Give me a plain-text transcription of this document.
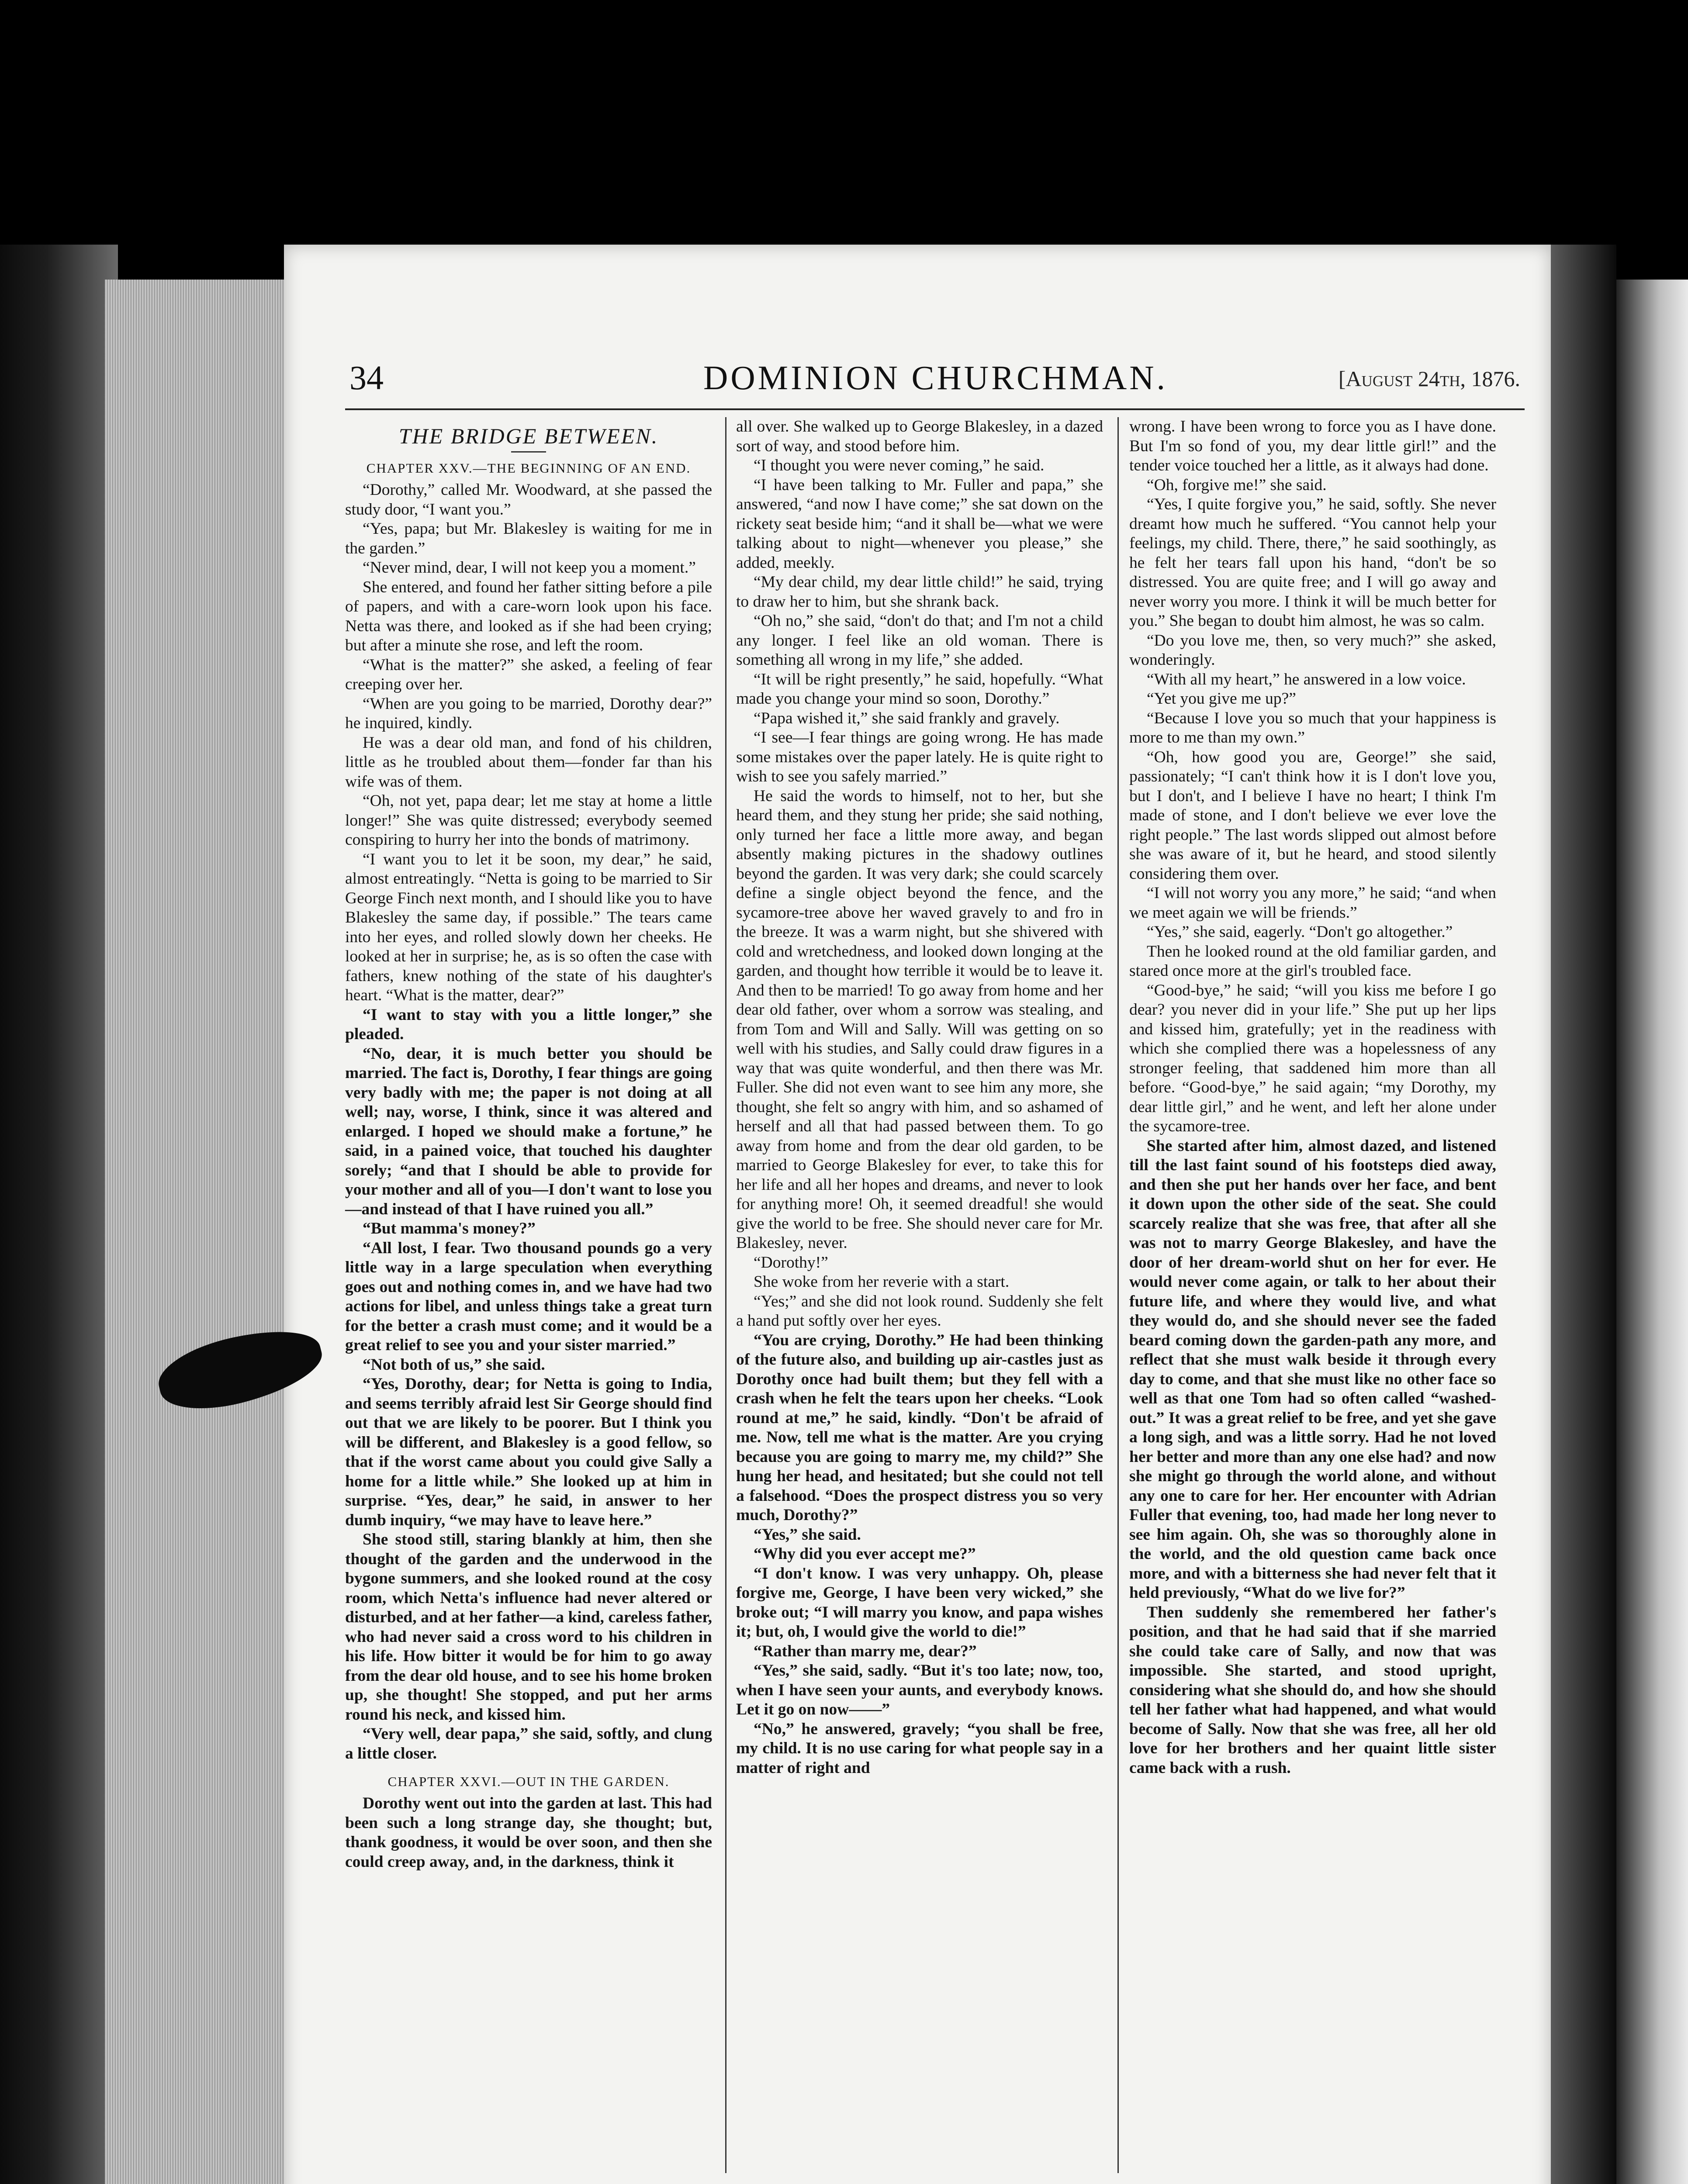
34	DOMINION CHURCHMAN.	[August 24th, 1876.
THE BRIDGE BETWEEN.
CHAPTER XXV.—THE BEGINNING OF AN END.

“Dorothy,” called Mr. Woodward, at she passed the study door, “I want you.”

“Yes, papa; but Mr. Blakesley is waiting for me in the garden.”

“Never mind, dear, I will not keep you a moment.”

She entered, and found her father sitting before a pile of papers, and with a care-worn look upon his face. Netta was there, and looked as if she had been crying; but after a minute she rose, and left the room.

“What is the matter?” she asked, a feeling of fear creeping over her.

“When are you going to be married, Dorothy dear?” he inquired, kindly.

He was a dear old man, and fond of his children, little as he troubled about them—fonder far than his wife was of them.

“Oh, not yet, papa dear; let me stay at home a little longer!” She was quite distressed; everybody seemed conspiring to hurry her into the bonds of matrimony.

“I want you to let it be soon, my dear,” he said, almost entreatingly. “Netta is going to be married to Sir George Finch next month, and I should like you to have Blakesley the same day, if possible.” The tears came into her eyes, and rolled slowly down her cheeks. He looked at her in surprise; he, as is so often the case with fathers, knew nothing of the state of his daughter's heart. “What is the matter, dear?”

“I want to stay with you a little longer,” she pleaded.

“No, dear, it is much better you should be married. The fact is, Dorothy, I fear things are going very badly with me; the paper is not doing at all well; nay, worse, I think, since it was altered and enlarged. I hoped we should make a fortune,” he said, in a pained voice, that touched his daughter sorely; “and that I should be able to provide for your mother and all of you—I don't want to lose you—and instead of that I have ruined you all.”

“But mamma's money?”

“All lost, I fear. Two thousand pounds go a very little way in a large speculation when everything goes out and nothing comes in, and we have had two actions for libel, and unless things take a great turn for the better a crash must come; and it would be a great relief to see you and your sister married.”

“Not both of us,” she said.

“Yes, Dorothy, dear; for Netta is going to India, and seems terribly afraid lest Sir George should find out that we are likely to be poorer. But I think you will be different, and Blakesley is a good fellow, so that if the worst came about you could give Sally a home for a little while.” She looked up at him in surprise. “Yes, dear,” he said, in answer to her dumb inquiry, “we may have to leave here.”

She stood still, staring blankly at him, then she thought of the garden and the underwood in the bygone summers, and she looked round at the cosy room, which Netta's influence had never altered or disturbed, and at her father—a kind, careless father, who had never said a cross word to his children in his life. How bitter it would be for him to go away from the dear old house, and to see his home broken up, she thought! She stopped, and put her arms round his neck, and kissed him.

“Very well, dear papa,” she said, softly, and clung a little closer.

CHAPTER XXVI.—OUT IN THE GARDEN.

Dorothy went out into the garden at last. This had been such a long strange day, she thought; but, thank goodness, it would be over soon, and then she could creep away, and, in the darkness, think it

all over. She walked up to George Blakesley, in a dazed sort of way, and stood before him.

“I thought you were never coming,” he said.

“I have been talking to Mr. Fuller and papa,” she answered, “and now I have come;” she sat down on the rickety seat beside him; “and it shall be—what we were talking about to night—whenever you please,” she added, meekly.

“My dear child, my dear little child!” he said, trying to draw her to him, but she shrank back.

“Oh no,” she said, “don't do that; and I'm not a child any longer. I feel like an old woman. There is something all wrong in my life,” she added.

“It will be right presently,” he said, hopefully. “What made you change your mind so soon, Dorothy.”

“Papa wished it,” she said frankly and gravely.

“I see—I fear things are going wrong. He has made some mistakes over the paper lately. He is quite right to wish to see you safely married.”

He said the words to himself, not to her, but she heard them, and they stung her pride; she said nothing, only turned her face a little more away, and began absently making pictures in the shadowy outlines beyond the garden. It was very dark; she could scarcely define a single object beyond the fence, and the sycamore-tree above her waved gravely to and fro in the breeze. It was a warm night, but she shivered with cold and wretchedness, and looked down longing at the garden, and thought how terrible it would be to leave it. And then to be married! To go away from home and her dear old father, over whom a sorrow was stealing, and from Tom and Will and Sally. Will was getting on so well with his studies, and Sally could draw figures in a way that was quite wonderful, and then there was Mr. Fuller. She did not even want to see him any more, she thought, she felt so angry with him, and so ashamed of herself and all that had passed between them. To go away from home and from the dear old garden, to be married to George Blakesley for ever, to take this for her life and all her hopes and dreams, and never to look for anything more! Oh, it seemed dreadful! she would give the world to be free. She should never care for Mr. Blakesley, never.

“Dorothy!”

She woke from her reverie with a start.

“Yes;” and she did not look round. Suddenly she felt a hand put softly over her eyes.

“You are crying, Dorothy.” He had been thinking of the future also, and building up air-castles just as Dorothy once had built them; but they fell with a crash when he felt the tears upon her cheeks. “Look round at me,” he said, kindly. “Don't be afraid of me. Now, tell me what is the matter. Are you crying because you are going to marry me, my child?” She hung her head, and hesitated; but she could not tell a falsehood. “Does the prospect distress you so very much, Dorothy?”

“Yes,” she said.

“Why did you ever accept me?”

“I don't know. I was very unhappy. Oh, please forgive me, George, I have been very wicked,” she broke out; “I will marry you know, and papa wishes it; but, oh, I would give the world to die!”

“Rather than marry me, dear?”

“Yes,” she said, sadly. “But it's too late; now, too, when I have seen your aunts, and everybody knows. Let it go on now——”

“No,” he answered, gravely; “you shall be free, my child. It is no use caring for what people say in a matter of right and

wrong. I have been wrong to force you as I have done. But I'm so fond of you, my dear little girl!” and the tender voice touched her a little, as it always had done.

“Oh, forgive me!” she said.

“Yes, I quite forgive you,” he said, softly. She never dreamt how much he suffered. “You cannot help your feelings, my child. There, there,” he said soothingly, as he felt her tears fall upon his hand, “don't be so distressed. You are quite free; and I will go away and never worry you more. I think it will be much better for you.” She began to doubt him almost, he was so calm.

“Do you love me, then, so very much?” she asked, wonderingly.

“With all my heart,” he answered in a low voice.

“Yet you give me up?”

“Because I love you so much that your happiness is more to me than my own.”

“Oh, how good you are, George!” she said, passionately; “I can't think how it is I don't love you, but I don't, and I believe I have no heart; I think I'm made of stone, and I don't believe we ever love the right people.” The last words slipped out almost before she was aware of it, but he heard, and stood silently considering them over.

“I will not worry you any more,” he said; “and when we meet again we will be friends.”

“Yes,” she said, eagerly. “Don't go altogether.”

Then he looked round at the old familiar garden, and stared once more at the girl's troubled face.

“Good-bye,” he said; “will you kiss me before I go dear? you never did in your life.” She put up her lips and kissed him, gratefully; yet in the readiness with which she complied there was a hopelessness of any stronger feeling, that saddened him more than all before. “Good-bye,” he said again; “my Dorothy, my dear little girl,” and he went, and left her alone under the sycamore-tree.

She started after him, almost dazed, and listened till the last faint sound of his footsteps died away, and then she put her hands over her face, and bent it down upon the other side of the seat. She could scarcely realize that she was free, that after all she was not to marry George Blakesley, and have the door of her dream-world shut on her for ever. He would never come again, or talk to her about their future life, and where they would live, and what they would do, and she should never see the faded beard coming down the garden-path any more, and reflect that she must walk beside it through every day to come, and that she must like no other face so well as that one Tom had so often called “washed-out.” It was a great relief to be free, and yet she gave a long sigh, and was a little sorry. Had he not loved her better and more than any one else had? and now she might go through the world alone, and without any one to care for her. Her encounter with Adrian Fuller that evening, too, had made her long never to see him again. Oh, she was so thoroughly alone in the world, and the old question came back once more, and with a bitterness she had never felt that it held previously, “What do we live for?”

Then suddenly she remembered her father's position, and that he had said that if she married she could take care of Sally, and now that was impossible. She started, and stood upright, considering what she should do, and how she should tell her father what had happened, and what would become of Sally. Now that she was free, all her old love for her brothers and her quaint little sister came back with a rush.
